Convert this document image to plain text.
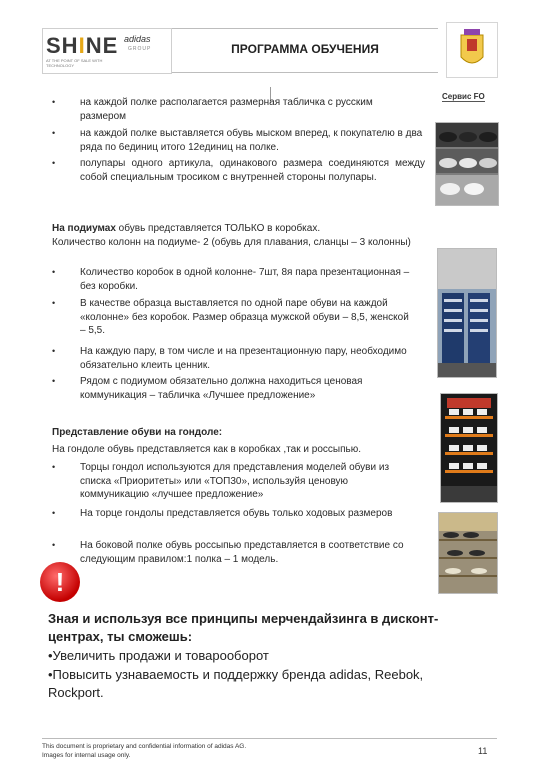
SHINE
AT THE POINT OF SALE WITH TECHNOLOGY
adidas
GROUP	ПРОГРАММА ОБУЧЕНИЯ
Сервис FO
• на каждой полке располагается размерная табличка с русским размером
• на каждой полке выставляется обувь мыском вперед, к покупателю в два ряда по 6единиц итого 12единиц на полке.
• полупары одного артикула, одинакового размера соединяются между собой специальным тросиком с внутренней стороны полупары.
На подиумах обувь представляется ТОЛЬКО в коробках.
Количество колонн на подиуме- 2 (обувь для плавания, сланцы – 3 колонны)
• Количество коробок в одной колонне- 7шт, 8я пара презентационная – без коробки.
• В качестве образца выставляется по одной паре обуви на каждой «колонне» без коробок. Размер образца мужской обуви – 8,5, женской – 5,5.
• На каждую пару, в том числе и на презентационную пару, необходимо обязательно клеить ценник.
• Рядом с подиумом обязательно должна находиться ценовая коммуникация – табличка «Лучшее предложение»
Представление обуви на гондоле:
На гондоле обувь представляется как в коробках ,так и россыпью.
• Торцы гондол используются для представления моделей обуви из списка «Приоритеты» или «ТОП30», используйя ценовую коммуникацию «лучшее предложение»
• На торце гондолы представляется обувь только ходовых размеров
• На боковой полке обувь россыпью представляется в соответствие со следующим правилом:1 полка – 1 модель.
!
Зная и используя все принципы мерчендайзинга в дисконт-центрах, ты сможешь:
•Увеличить продажи и товарооборот
•Повысить узнаваемость и поддержку бренда adidas, Reebok, Rockport.
This document is proprietary and confidential information of adidas AG.
Images for internal usage only.	11
